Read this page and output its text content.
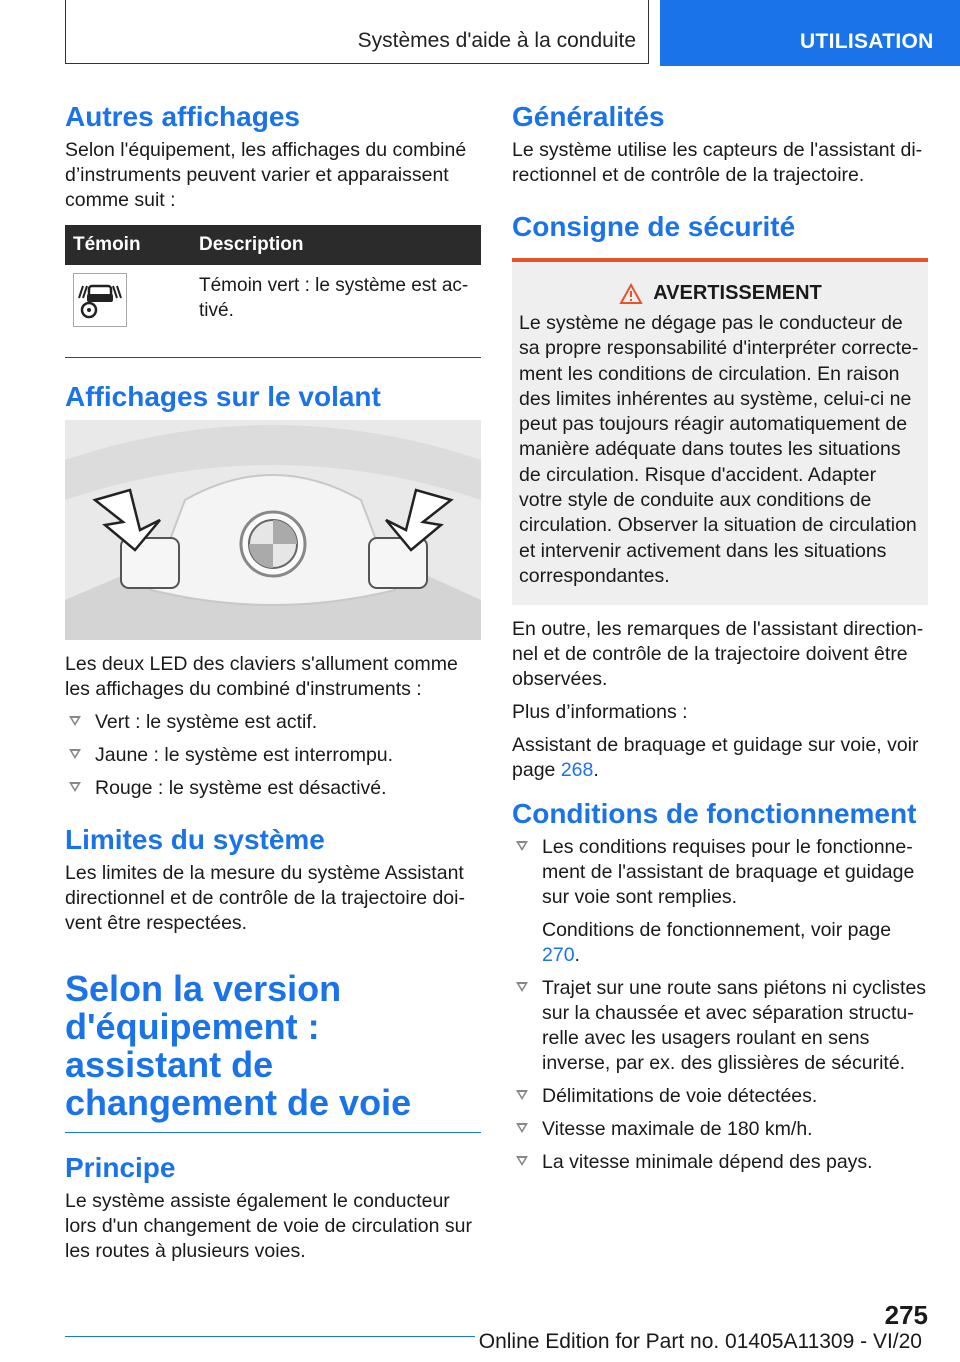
Systèmes d'aide à la conduite	UTILISATION
Autres affichages

Selon l'équipement, les affichages du combiné d’instruments peuvent varier et apparaissent comme suit :

Témoin	Description

	Témoin vert : le système est activé.
Affichages sur le volant

Les deux LED des claviers s'allument comme les affichages du combiné d'instruments :

Vert : le système est actif.
Jaune : le système est interrompu.
Rouge : le système est désactivé.
Limites du système

Les limites de la mesure du système Assistant directionnel et de contrôle de la trajectoire doivent être respectées.

Selon la version
d'équipement : assistant de
changement de voie
Principe

Le système assiste également le conducteur lors d'un changement de voie de circulation sur les routes à plusieurs voies.

Généralités

Le système utilise les capteurs de l'assistant directionnel et de contrôle de la trajectoire.

Consigne de sécurité
AVERTISSEMENT

Le système ne dégage pas le conducteur de sa propre responsabilité d'interpréter correctement les conditions de circulation. En raison des limites inhérentes au système, celui-ci ne peut pas toujours réagir automatiquement de manière adéquate dans toutes les situations de circulation. Risque d'accident. Adapter votre style de conduite aux conditions de circulation. Observer la situation de circulation et intervenir activement dans les situations correspondantes.

En outre, les remarques de l'assistant directionnel et de contrôle de la trajectoire doivent être observées.

Plus d’informations :

Assistant de braquage et guidage sur voie, voir page 268.

Conditions de fonctionnement
Les conditions requises pour le fonctionnement de l'assistant de braquage et guidage sur voie sont remplies.
Conditions de fonctionnement, voir page 270.
Trajet sur une route sans piétons ni cyclistes sur la chaussée et avec séparation structurelle avec les usagers roulant en sens inverse, par ex. des glissières de sécurité.
Délimitations de voie détectées.
Vitesse maximale de 180 km/h.
La vitesse minimale dépend des pays.
275
Online Edition for Part no. 01405A11309 - VI/20
